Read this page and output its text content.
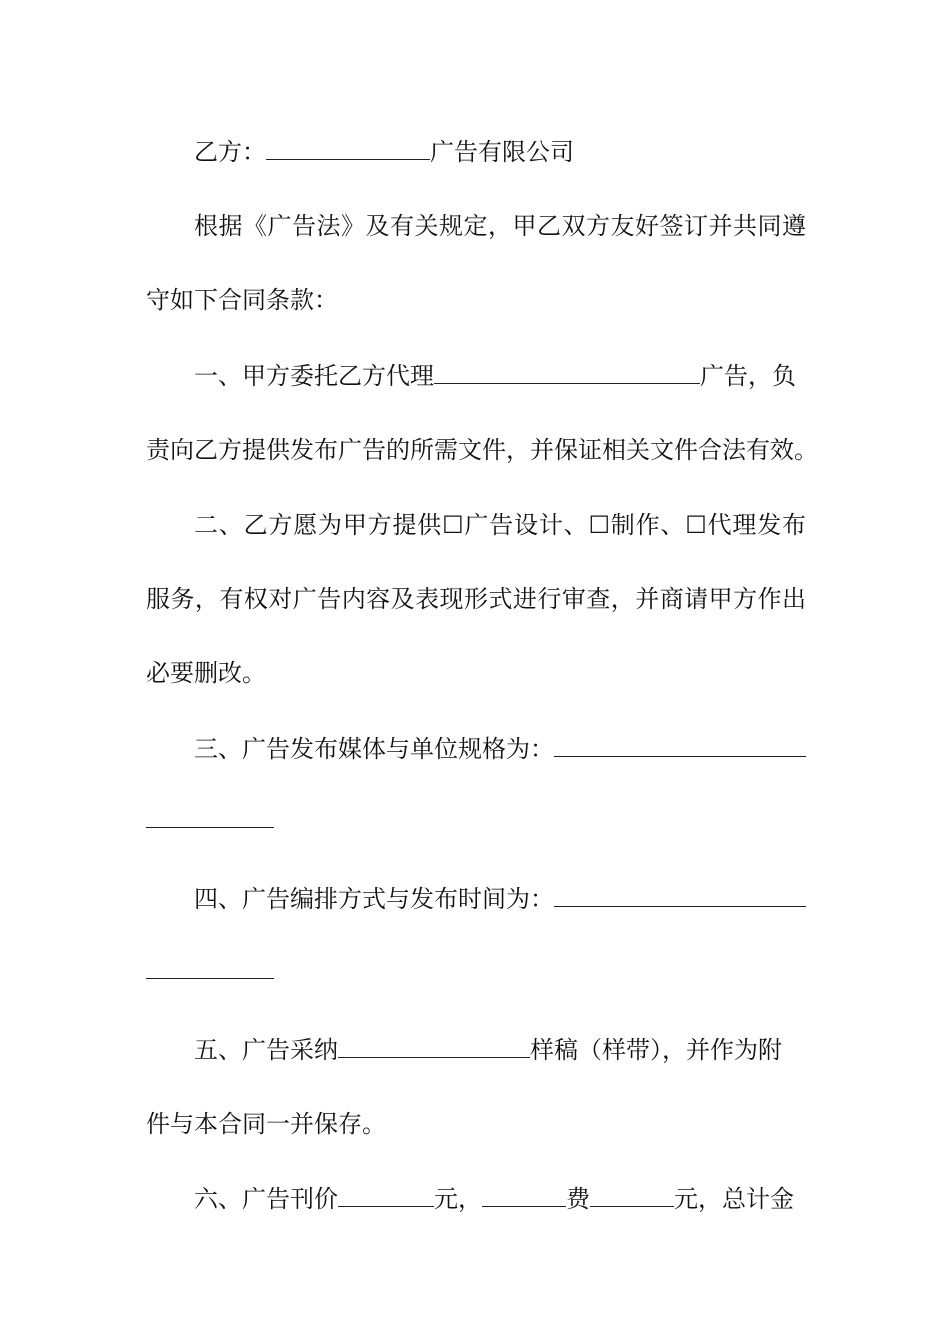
乙方：	广告有限公司
根据《广告法》及有关规定，甲乙双方友好签订并共同遵
守如下合同条款：
一、甲方委托乙方代理	广告，负
责向乙方提供发布广告的所需文件，并保证相关文件合法有效。
二、乙方愿为甲方提供☐广告设计、☐制作、☐代理发布
服务，有权对广告内容及表现形式进行审查，并商请甲方作出
必要删改。
三、广告发布媒体与单位规格为：
四、广告编排方式与发布时间为：
五、广告采纳	样稿（样带），并作为附
件与本合同一并保存。
六、广告刊价	元，	费	元，总计金
